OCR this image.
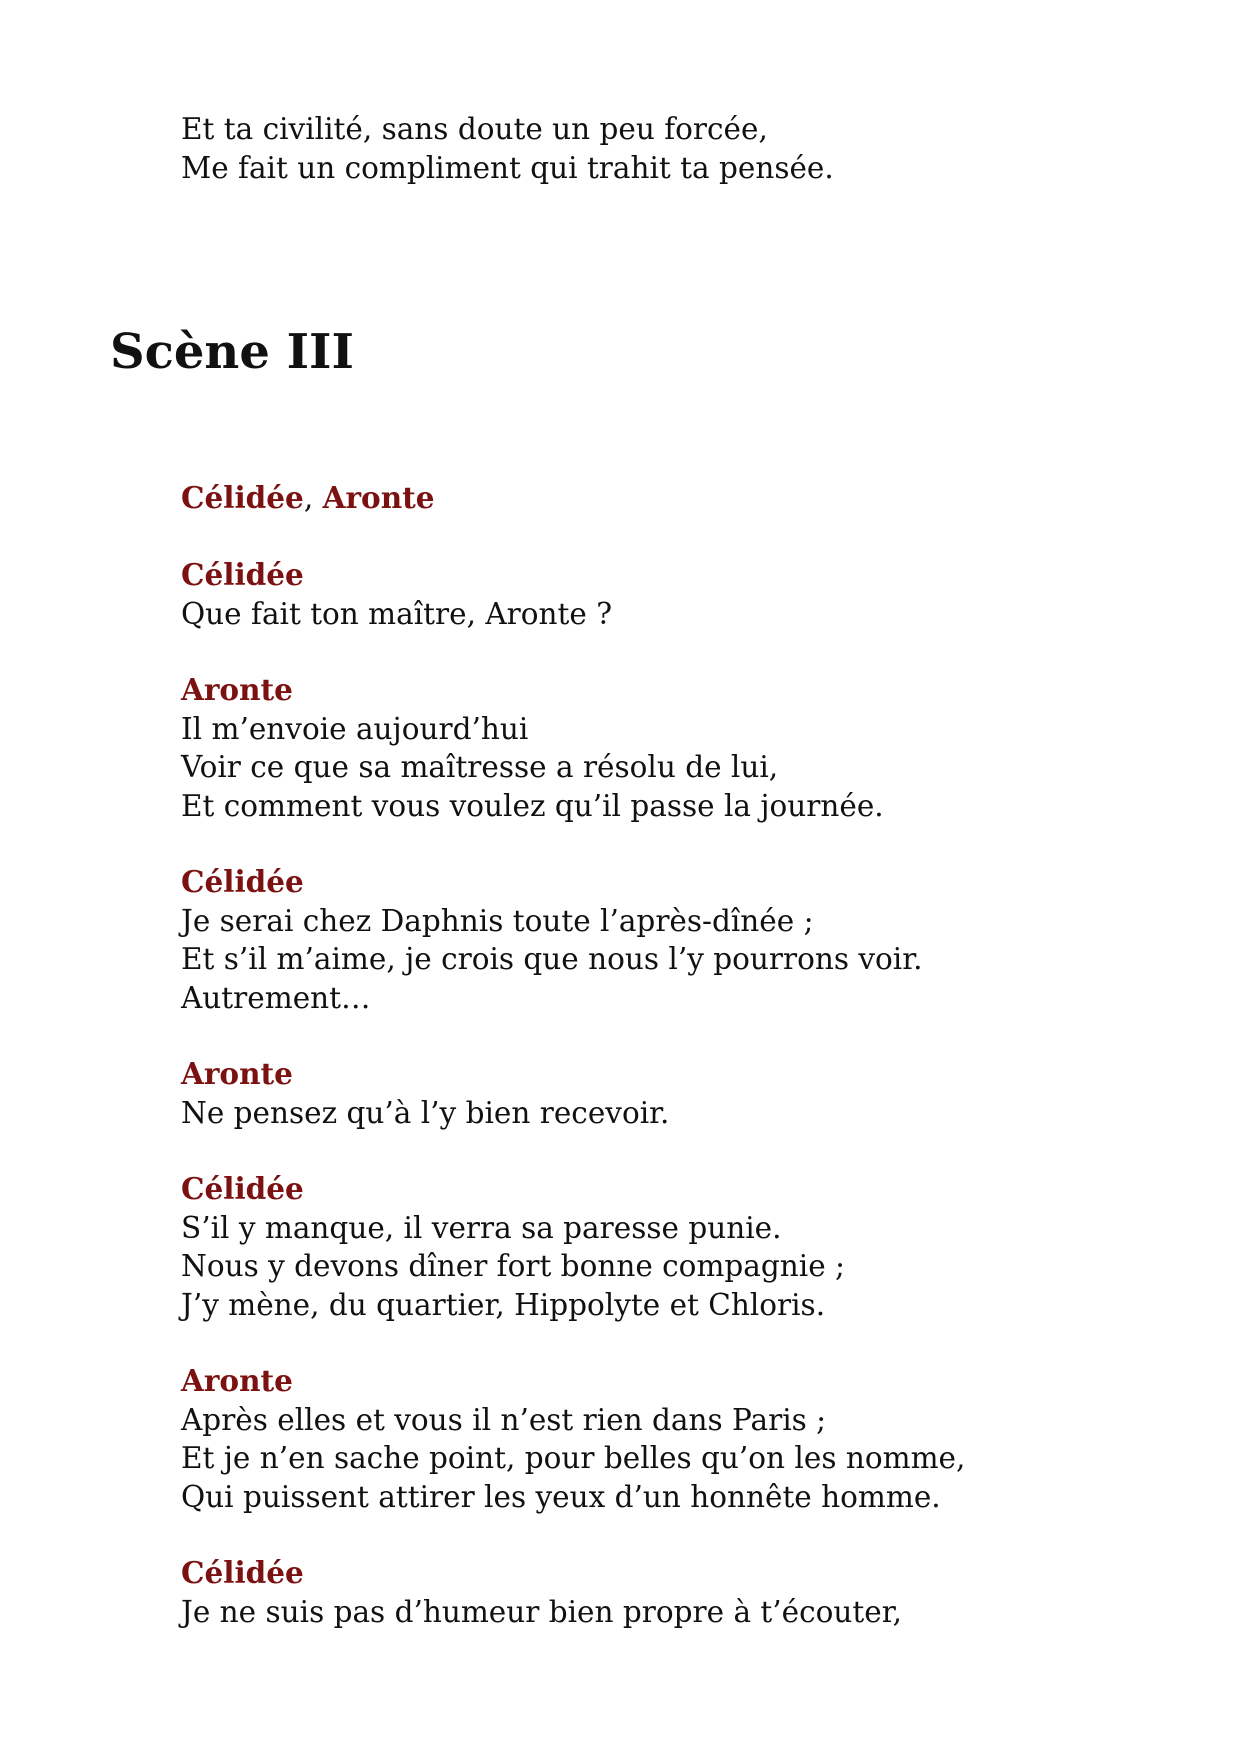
Et ta civilité, sans doute un peu forcée,

Me fait un compliment qui trahit ta pensée.

Scène III

Célidée, Aronte

Célidée

Que fait ton maître, Aronte ?

Aronte

Il m’envoie aujourd’hui

Voir ce que sa maîtresse a résolu de lui,

Et comment vous voulez qu’il passe la journée.

Célidée

Je serai chez Daphnis toute l’après-dînée ;

Et s’il m’aime, je crois que nous l’y pourrons voir.

Autrement…

Aronte

Ne pensez qu’à l’y bien recevoir.

Célidée

S’il y manque, il verra sa paresse punie.

Nous y devons dîner fort bonne compagnie ;

J’y mène, du quartier, Hippolyte et Chloris.

Aronte

Après elles et vous il n’est rien dans Paris ;

Et je n’en sache point, pour belles qu’on les nomme,

Qui puissent attirer les yeux d’un honnête homme.

Célidée

Je ne suis pas d’humeur bien propre à t’écouter,
